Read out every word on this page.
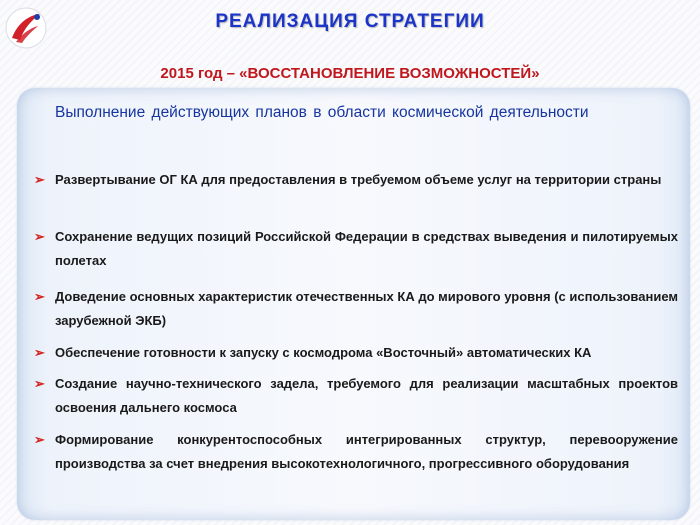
РЕАЛИЗАЦИЯ СТРАТЕГИИ
2015 год – «ВОССТАНОВЛЕНИЕ ВОЗМОЖНОСТЕЙ»
Выполнение действующих планов в области космической деятельности
➢ Развертывание ОГ КА для предоставления в требуемом объеме услуг на территории страны
➢ Сохранение ведущих позиций Российской Федерации в средствах выведения и пилотируемых полетах
➢ Доведение основных характеристик отечественных КА до мирового уровня (с использованием зарубежной ЭКБ)
➢ Обеспечение готовности к запуску с космодрома «Восточный» автоматических КА
➢ Создание научно-технического задела, требуемого для реализации масштабных проектов освоения дальнего космоса
➢ Формирование конкурентоспособных интегрированных структур, перевооружение производства за счет внедрения высокотехнологичного, прогрессивного оборудования
